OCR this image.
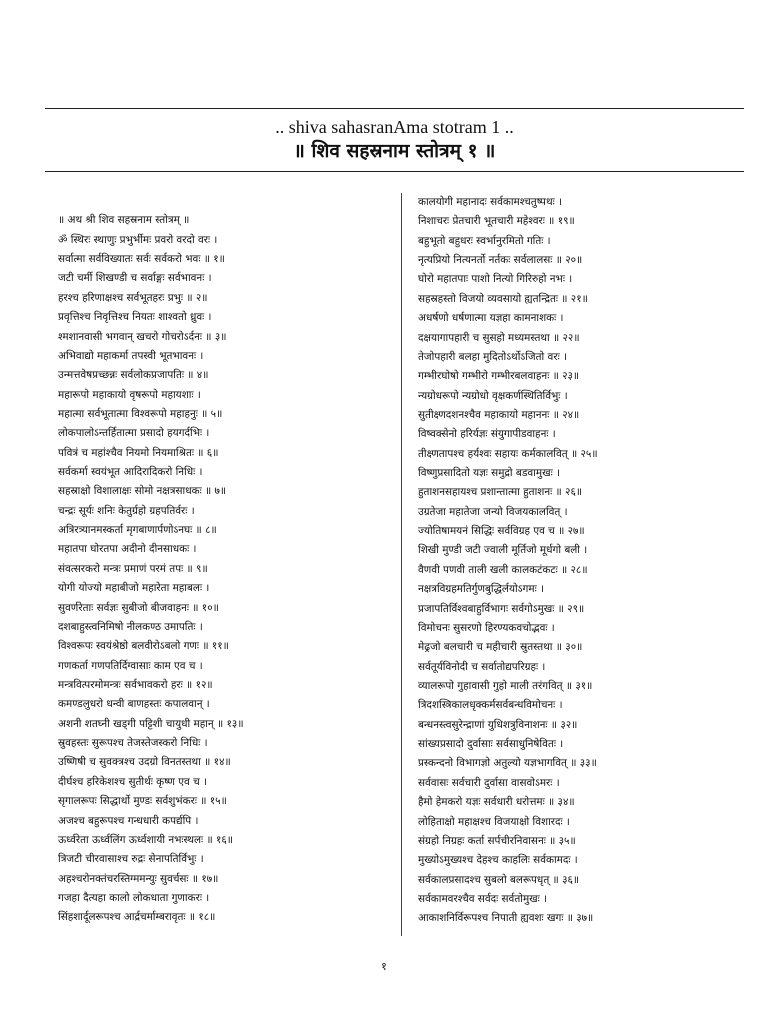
.. shiva sahasranAma stotram 1 ..
॥ शिव सहस्रनाम स्तोत्रम् १ ॥
॥ अथ श्री शिव सहस्रनाम स्तोत्रम् ॥
ॐ स्थिरः स्थाणुः प्रभुर्भीमः प्रवरो वरदो वरः ।
सर्वात्मा सर्वविख्यातः सर्वः सर्वकरो भवः ॥ १॥
जटी चर्मी शिखण्डी च सर्वाङ्गः सर्वभावनः ।
हरश्च हरिणाक्षश्च सर्वभूतहरः प्रभुः ॥ २॥
प्रवृत्तिश्च निवृत्तिश्च नियतः शाश्वतो ध्रुवः ।
श्मशानवासी भगवान् खचरो गोचरोऽर्दनः ॥ ३॥
अभिवाद्यो महाकर्मा तपस्वी भूतभावनः ।
उन्मत्तवेषप्रच्छन्नः सर्वलोकप्रजापतिः ॥ ४॥
महारूपो महाकायो वृषरूपो महायशाः ।
महात्मा सर्वभूतात्मा विश्वरूपो महाहनुः ॥ ५॥
लोकपालोऽन्तर्हितात्मा प्रसादो हयगर्दभिः ।
पवित्रं च महांश्चैव नियमो नियमाश्रितः ॥ ६॥
सर्वकर्मा स्वयंभूत आदिरादिकरो निधिः ।
सहस्राक्षो विशालाक्षः सोमो नक्षत्रसाधकः ॥ ७॥
चन्द्रः सूर्यः शनिः केतुर्ग्रहो ग्रहपतिर्वरः ।
अत्रिरत्र्यानमस्कर्ता मृगबाणार्पणोऽनघः ॥ ८॥
महातपा घोरतपा अदीनो दीनसाधकः ।
संवत्सरकरो मन्त्रः प्रमाणं परमं तपः ॥ ९॥
योगी योज्यो महाबीजो महारेता महाबलः ।
सुवर्णरेताः सर्वज्ञः सुबीजो बीजवाहनः ॥ १०॥
दशबाहुस्त्वनिमिषो नीलकण्ठ उमापतिः ।
विश्वरूपः स्वयंश्रेष्ठो बलवीरोऽबलो गणः ॥ ११॥
गणकर्ता गणपतिर्दिग्वासाः काम एव च ।
मन्त्रवित्परमोमन्त्रः सर्वभावकरो हरः ॥ १२॥
कमण्डलुधरो धन्वी बाणहस्तः कपालवान् ।
अशनी शतघ्नी खड्गी पट्टिशी चायुधी महान् ॥ १३॥
स्रुवहस्तः सुरूपश्च तेजस्तेजस्करो निधिः ।
उष्णिषी च सुवक्त्रश्च उदग्रो विनतस्तथा ॥ १४॥
दीर्घश्च हरिकेशश्च सुतीर्थः कृष्ण एव च ।
सृगालरूपः सिद्धार्थो मुण्डः सर्वशुभंकरः ॥ १५॥
अजश्च बहुरूपश्च गन्धधारी कपर्द्यपि ।
ऊर्ध्वरेता ऊर्ध्वलिंग ऊर्ध्वशायी नभःस्थलः ॥ १६॥
त्रिजटी चीरवासाश्च रुद्रः सेनापतिर्विभुः ।
अहश्चरोनक्तंचरस्तिग्ममन्युः सुवर्चसः ॥ १७॥
गजहा दैत्यहा कालो लोकधाता गुणाकरः ।
सिंहशार्दूलरूपश्च आर्द्रचर्माम्बरावृतः ॥ १८॥
कालयोगी महानादः सर्वकामश्चतुष्पथः ।
निशाचरः प्रेतचारी भूतचारी महेश्वरः ॥ १९॥
बहुभूतो बहुधरः स्वर्भानुरमितो गतिः ।
नृत्यप्रियो नित्यनर्तो नर्तकः सर्वलालसः ॥ २०॥
घोरो महातपाः पाशो नित्यो गिरिरुहो नभः ।
सहस्रहस्तो विजयो व्यवसायो ह्यतन्द्रितः ॥ २१॥
अधर्षणो धर्षणात्मा यज्ञहा कामनाशकः ।
दक्षयागापहारी च सुसहो मध्यमस्तथा ॥ २२॥
तेजोपहारी बलहा मुदितोऽर्थोऽजितो वरः ।
गम्भीरघोषो गम्भीरो गम्भीरबलवाहनः ॥ २३॥
न्यग्रोधरूपो न्यग्रोधो वृक्षकर्णस्थितिर्विभुः ।
सुतीक्ष्णदशनश्चैव महाकायो महाननः ॥ २४॥
विष्वक्सेनो हरिर्यज्ञः संयुगापीडवाहनः ।
तीक्ष्णतापश्च हर्यश्वः सहायः कर्मकालवित् ॥ २५॥
विष्णुप्रसादितो यज्ञः समुद्रो बडवामुखः ।
हुताशनसहायश्च प्रशान्तात्मा हुताशनः ॥ २६॥
उग्रतेजा महातेजा जन्यो विजयकालवित् ।
ज्योतिषामयनं सिद्धिः सर्वविग्रह एव च ॥ २७॥
शिखी मुण्डी जटी ज्वाली मूर्तिजो मूर्धगो बली ।
वैणवी पणवी ताली खली कालकटंकटः ॥ २८॥
नक्षत्रविग्रहमतिर्गुणबुद्धिर्लयोऽगमः ।
प्रजापतिर्विश्वबाहुर्विभागः सर्वगोऽमुखः ॥ २९॥
विमोचनः सुसरणो हिरण्यकवचोद्भवः ।
मेढ्रजो बलचारी च महीचारी स्रुतस्तथा ॥ ३०॥
सर्वतूर्यविनोदी च सर्वातोद्यपरिग्रहः ।
व्यालरूपो गुहावासी गुहो माली तरंगवित् ॥ ३१॥
त्रिदशस्त्रिकालधृक्कर्मसर्वबन्धविमोचनः ।
बन्धनस्त्वसुरेन्द्राणां युधिशत्रुविनाशनः ॥ ३२॥
सांख्यप्रसादो दुर्वासाः सर्वसाधुनिषेवितः ।
प्रस्कन्दनो विभागज्ञो अतुल्यो यज्ञभागवित् ॥ ३३॥
सर्ववासः सर्वचारी दुर्वासा वासवोऽमरः ।
हैमो हेमकरो यज्ञः सर्वधारी धरोत्तमः ॥ ३४॥
लोहिताक्षो महाक्षश्च विजयाक्षो विशारदः ।
संग्रहो निग्रहः कर्ता सर्पचीरनिवासनः ॥ ३५॥
मुख्योऽमुख्यश्च देहश्च काहलिः सर्वकामदः ।
सर्वकालप्रसादश्च सुबलो बलरूपधृत् ॥ ३६॥
सर्वकामवरश्चैव सर्वदः सर्वतोमुखः ।
आकाशनिर्विरूपश्च निपाती ह्यवशः खगः ॥ ३७॥
१
